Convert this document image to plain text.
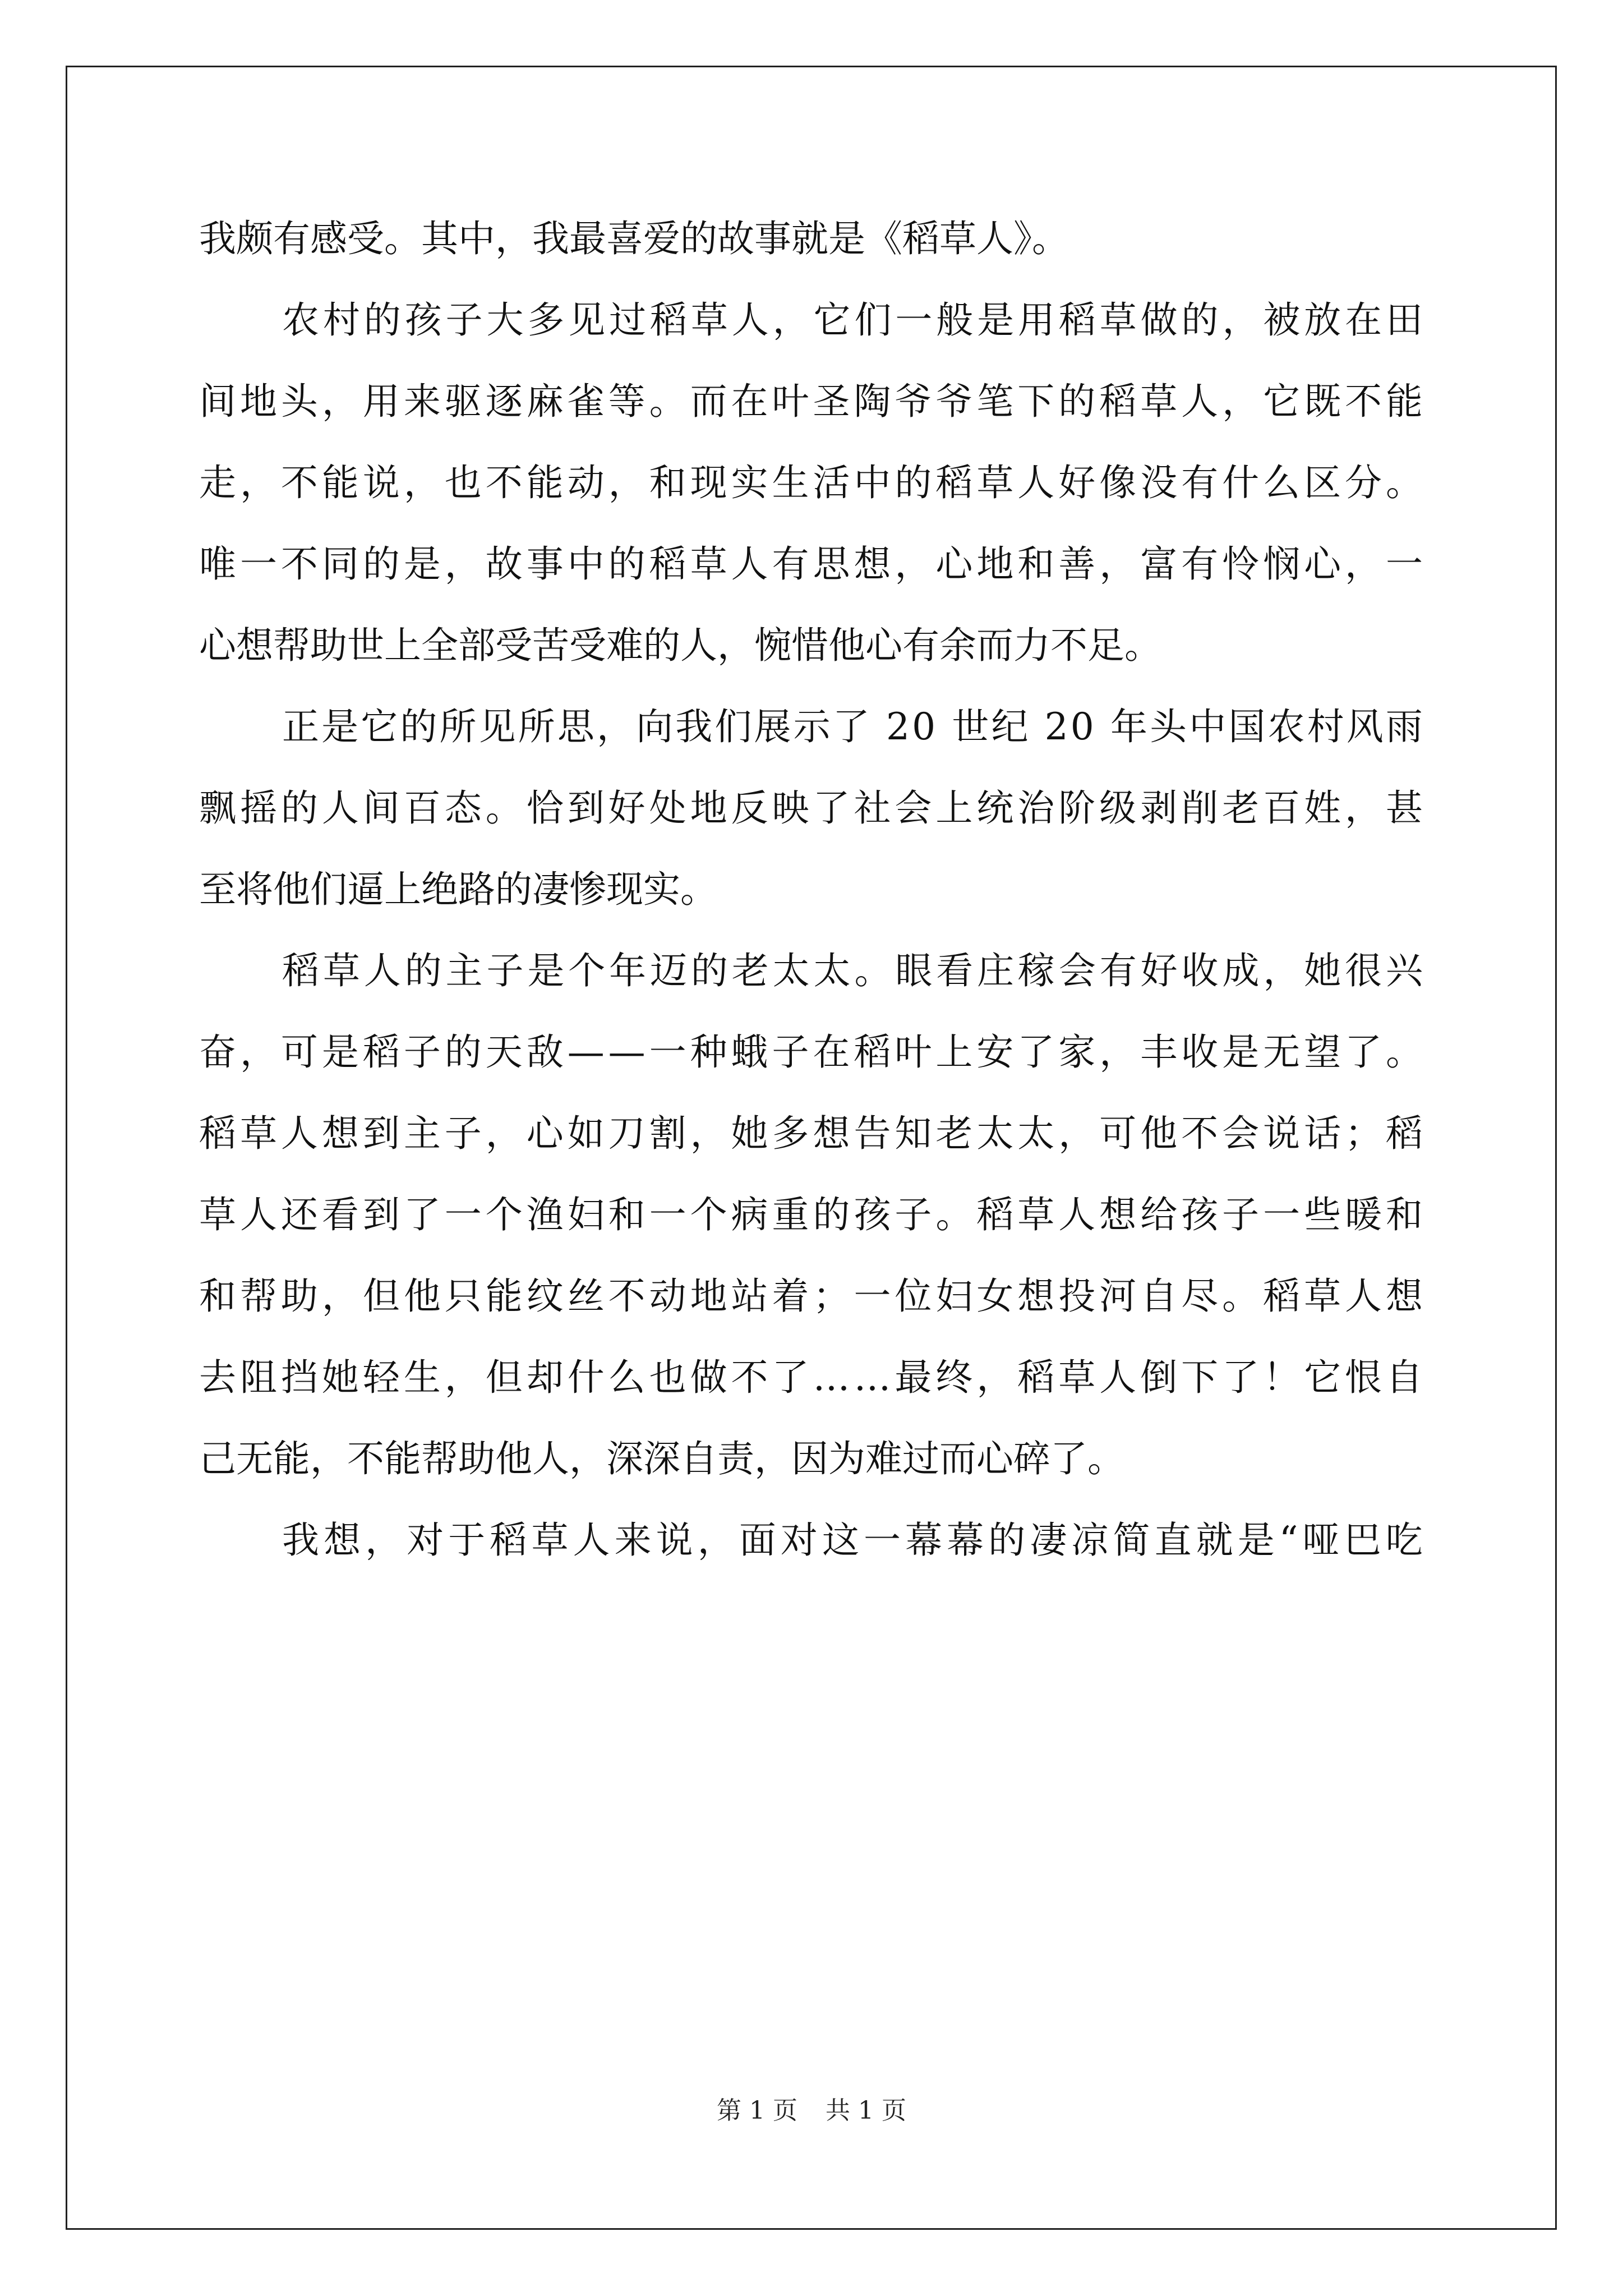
我颇有感受。其中，我最喜爱的故事就是《稻草人》。
农村的孩子大多见过稻草人，它们一般是用稻草做的，被放在田
间地头，用来驱逐麻雀等。而在叶圣陶爷爷笔下的稻草人，它既不能
走，不能说，也不能动，和现实生活中的稻草人好像没有什么区分。
唯一不同的是，故事中的稻草人有思想，心地和善，富有怜悯心，一
心想帮助世上全部受苦受难的人，惋惜他心有余而力不足。
正是它的所见所思，向我们展示了 20 世纪 20 年头中国农村风雨
飘摇的人间百态。恰到好处地反映了社会上统治阶级剥削老百姓，甚
至将他们逼上绝路的凄惨现实。
稻草人的主子是个年迈的老太太。眼看庄稼会有好收成，她很兴
奋，可是稻子的天敌——一种蛾子在稻叶上安了家，丰收是无望了。
稻草人想到主子，心如刀割，她多想告知老太太，可他不会说话；稻
草人还看到了一个渔妇和一个病重的孩子。稻草人想给孩子一些暖和
和帮助，但他只能纹丝不动地站着；一位妇女想投河自尽。稻草人想
去阻挡她轻生，但却什么也做不了……最终，稻草人倒下了！它恨自
己无能，不能帮助他人，深深自责，因为难过而心碎了。
我想，对于稻草人来说，面对这一幕幕的凄凉简直就是“哑巴吃
第 1 页 共 1 页
